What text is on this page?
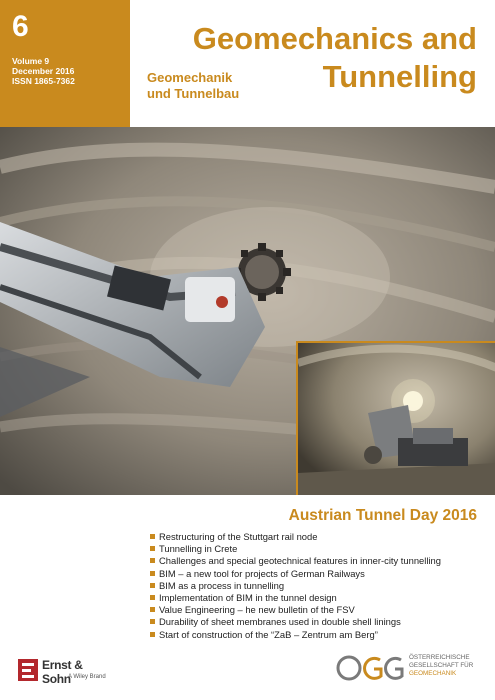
6
Volume 9
December 2016
ISSN 1865-7362
Geomechanics and
Tunnelling
Geomechanik
und Tunnelbau
Austrian Tunnel Day 2016
Restructuring of the Stuttgart rail node
Tunnelling in Crete
Challenges and special geotechnical features in inner-city tunnelling
BIM – a new tool for projects of German Railways
BIM as a process in tunnelling
Implementation of BIM in the tunnel design
Value Engineering – he new bulletin of the FSV
Durability of sheet membranes used in double shell linings
Start of construction of the “ZaB – Zentrum am Berg”
Ernst & Sohn
A Wiley Brand
ÖSTERREICHISCHE
GESELLSCHAFT FÜR
GEOMECHANIK
